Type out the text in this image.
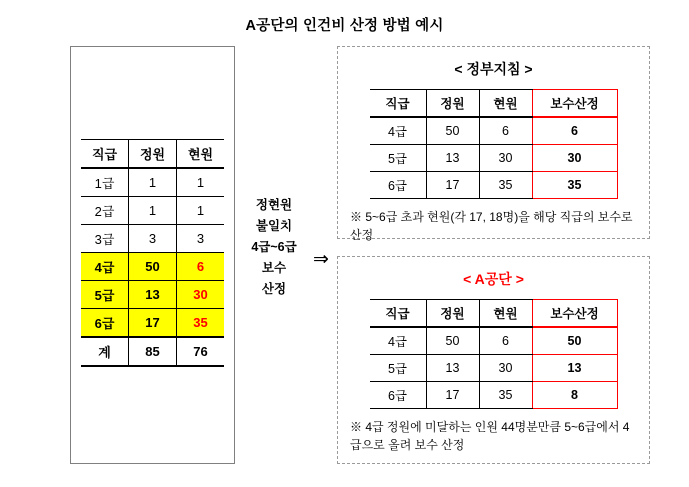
A공단의 인건비 산정 방법 예시
직급	정원	현원
1급	1	1
2급	1	1
3급	3	3
4급	50	6
5급	13	30
6급	17	35
계	85	76
정현원
불일치
4급~6급
보수
산정
⇒
< 정부지침 >
직급	정원	현원	보수산정
4급	50	6	6
5급	13	30	30
6급	17	35	35
※ 5~6급 초과 현원(각 17, 18명)을 해당 직급의 보수로 산정
< A공단 >
직급	정원	현원	보수산정
4급	50	6	50
5급	13	30	13
6급	17	35	8
※ 4급 정원에 미달하는 인원 44명분만큼 5~6급에서 4급으로 올려 보수 산정
